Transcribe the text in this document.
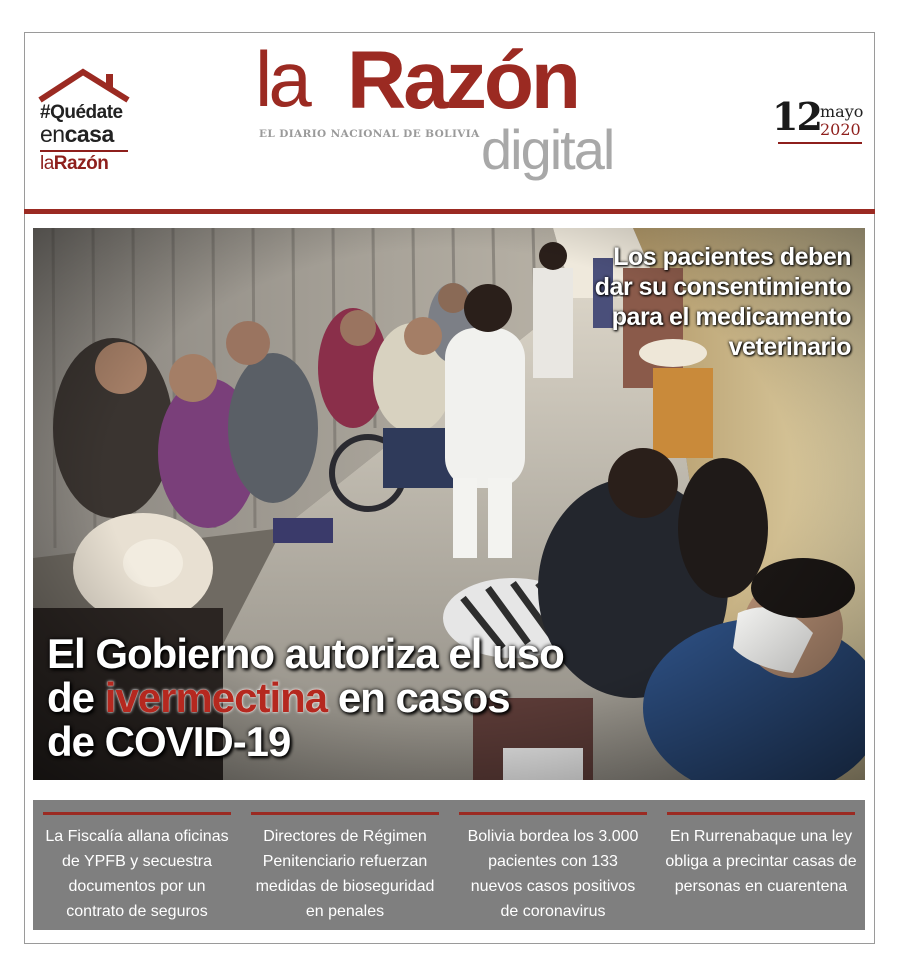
#Quédate
encasa
laRazón
la Razón
EL DIARIO NACIONAL DE BOLIVIA digital
12 mayo
2020
Los pacientes deben dar su consentimiento para el medicamento veterinario
El Gobierno autoriza el uso de ivermectina en casos de COVID-19
La Fiscalía allana oficinas de YPFB y secuestra documentos por un contrato de seguros
Directores de Régimen Penitenciario refuerzan medidas de bioseguridad en penales
Bolivia bordea los 3.000 pacientes con 133 nuevos casos positivos de coronavirus
En Rurrenabaque una ley obliga a precintar casas de personas en cuarentena
